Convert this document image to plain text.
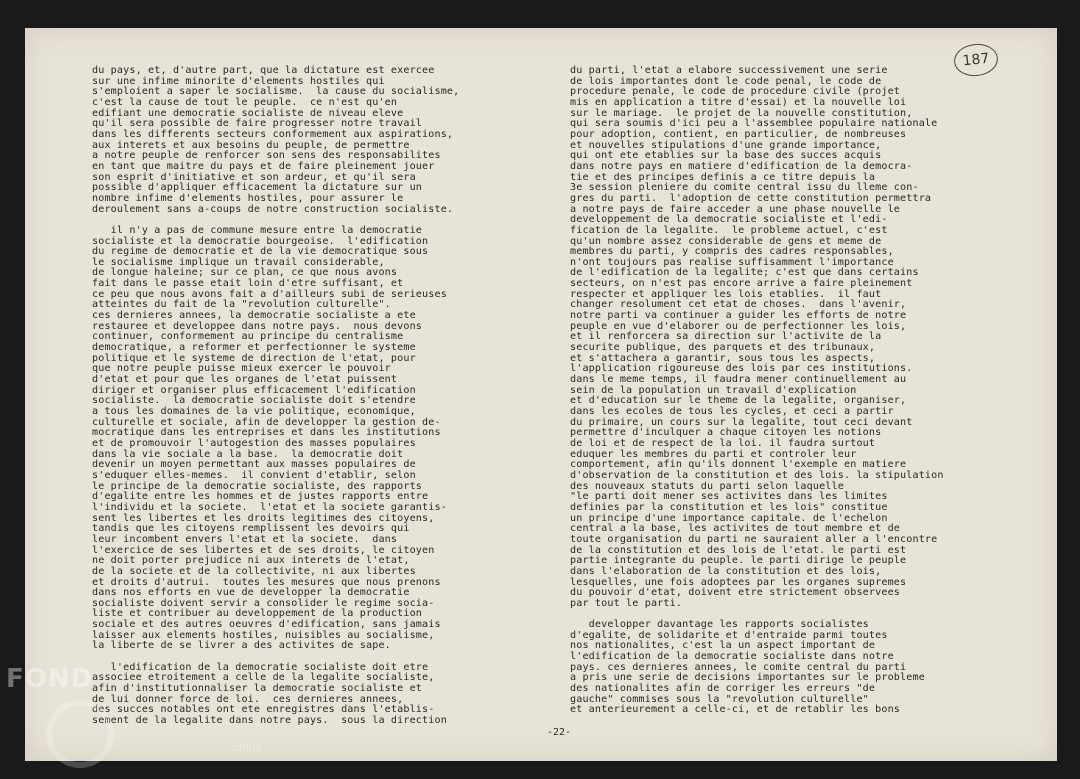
187
du pays, et, d'autre part, que la dictature est exercee
sur une infime minorite d'elements hostiles qui
s'emploient a saper le socialisme.  la cause du socialisme,
c'est la cause de tout le peuple.  ce n'est qu'en
edifiant une democratie socialiste de niveau eleve
qu'il sera possible de faire progresser notre travail
dans les differents secteurs conformement aux aspirations,
aux interets et aux besoins du peuple, de permettre
a notre peuple de renforcer son sens des responsabilites
en tant que maitre du pays et de faire pleinement jouer
son esprit d'initiative et son ardeur, et qu'il sera
possible d'appliquer efficacement la dictature sur un
nombre infime d'elements hostiles, pour assurer le
deroulement sans a-coups de notre construction socialiste.

il n'y a pas de commune mesure entre la democratie
socialiste et la democratie bourgeoise.  l'edification
du regime de democratie et de la vie democratique sous
le socialisme implique un travail considerable,
de longue haleine; sur ce plan, ce que nous avons
fait dans le passe etait loin d'etre suffisant, et
ce peu que nous avons fait a d'ailleurs subi de serieuses
atteintes du fait de la "revolution culturelle".
ces dernieres annees, la democratie socialiste a ete
restauree et developpee dans notre pays.  nous devons
continuer, conformement au principe du centralisme
democratique, a reformer et perfectionner le systeme
politique et le systeme de direction de l'etat, pour
que notre peuple puisse mieux exercer le pouvoir
d'etat et pour que les organes de l'etat puissent
diriger et organiser plus efficacement l'edification
socialiste.  la democratie socialiste doit s'etendre
a tous les domaines de la vie politique, economique,
culturelle et sociale, afin de developper la gestion de-
mocratique dans les entreprises et dans les institutions
et de promouvoir l'autogestion des masses populaires
dans la vie sociale a la base.  la democratie doit
devenir un moyen permettant aux masses populaires de
s'eduquer elles-memes.  il convient d'etablir, selon
le principe de la democratie socialiste, des rapports
d'egalite entre les hommes et de justes rapports entre
l'individu et la societe.  l'etat et la societe garantis-
sent les libertes et les droits legitimes des citoyens,
tandis que les citoyens remplissent les devoirs qui
leur incombent envers l'etat et la societe.  dans
l'exercice de ses libertes et de ses droits, le citoyen
ne doit porter prejudice ni aux interets de l'etat,
de la societe et de la collectivite, ni aux libertes
et droits d'autrui.  toutes les mesures que nous prenons
dans nos efforts en vue de developper la democratie
socialiste doivent servir a consolider le regime socia-
liste et contribuer au developpement de la production
sociale et des autres oeuvres d'edification, sans jamais
laisser aux elements hostiles, nuisibles au socialisme,
la liberte de se livrer a des activites de sape.

l'edification de la democratie socialiste doit etre
associee etroitement a celle de la legalite socialiste,
afin d'institutionnaliser la democratie socialiste et
de lui donner force de loi.  ces dernieres annees,
des succes notables ont ete enregistres dans l'etablis-
sement de la legalite dans notre pays.  sous la direction
du parti, l'etat a elabore successivement une serie
de lois importantes dont le code penal, le code de
procedure penale, le code de procedure civile (projet
mis en application a titre d'essai) et la nouvelle loi
sur le mariage.  le projet de la nouvelle constitution,
qui sera soumis d'ici peu a l'assemblee populaire nationale
pour adoption, contient, en particulier, de nombreuses
et nouvelles stipulations d'une grande importance,
qui ont ete etablies sur la base des succes acquis
dans notre pays en matiere d'edification de la democra-
tie et des principes definis a ce titre depuis la
3e session pleniere du comite central issu du lleme con-
gres du parti.  l'adoption de cette constitution permettra
a notre pays de faire acceder a une phase nouvelle le
developpement de la democratie socialiste et l'edi-
fication de la legalite.  le probleme actuel, c'est
qu'un nombre assez considerable de gens et meme de
membres du parti, y compris des cadres responsables,
n'ont toujours pas realise suffisamment l'importance
de l'edification de la legalite; c'est que dans certains
secteurs, on n'est pas encore arrive a faire pleinement
respecter et appliquer les lois etablies.  il faut
changer resolument cet etat de choses.  dans l'avenir,
notre parti va continuer a guider les efforts de notre
peuple en vue d'elaborer ou de perfectionner les lois,
et il renforcera sa direction sur l'activite de la
securite publique, des parquets et des tribunaux,
et s'attachera a garantir, sous tous les aspects,
l'application rigoureuse des lois par ces institutions.
dans le meme temps, il faudra mener continuellement au
sein de la population un travail d'explication
et d'education sur le theme de la legalite, organiser,
dans les ecoles de tous les cycles, et ceci a partir
du primaire, un cours sur la legalite, tout ceci devant
permettre d'inculquer a chaque citoyen les notions
de loi et de respect de la loi. il faudra surtout
eduquer les membres du parti et controler leur
comportement, afin qu'ils donnent l'exemple en matiere
d'observation de la constitution et des lois. la stipulation
des nouveaux statuts du parti selon laquelle
"le parti doit mener ses activites dans les limites
definies par la constitution et les lois" constitue
un principe d'une importance capitale. de l'echelon
central a la base, les activites de tout membre et de
toute organisation du parti ne sauraient aller a l'encontre
de la constitution et des lois de l'etat. le parti est
partie integrante du peuple. le parti dirige le peuple
dans l'elaboration de la constitution et des lois,
lesquelles, une fois adoptees par les organes supremes
du pouvoir d'etat, doivent etre strictement observees
par tout le parti.

developper davantage les rapports socialistes
d'egalite, de solidarite et d'entraide parmi toutes
nos nationalites, c'est la un aspect important de
l'edification de la democratie socialiste dans notre
pays. ces dernieres annees, le comite central du parti
a pris une serie de decisions importantes sur le probleme
des nationalites afin de corriger les erreurs "de
gauche" commises sous la "revolution culturelle"
et anterieurement a celle-ci, et de retablir les bons
-22-
FOND
onlus
